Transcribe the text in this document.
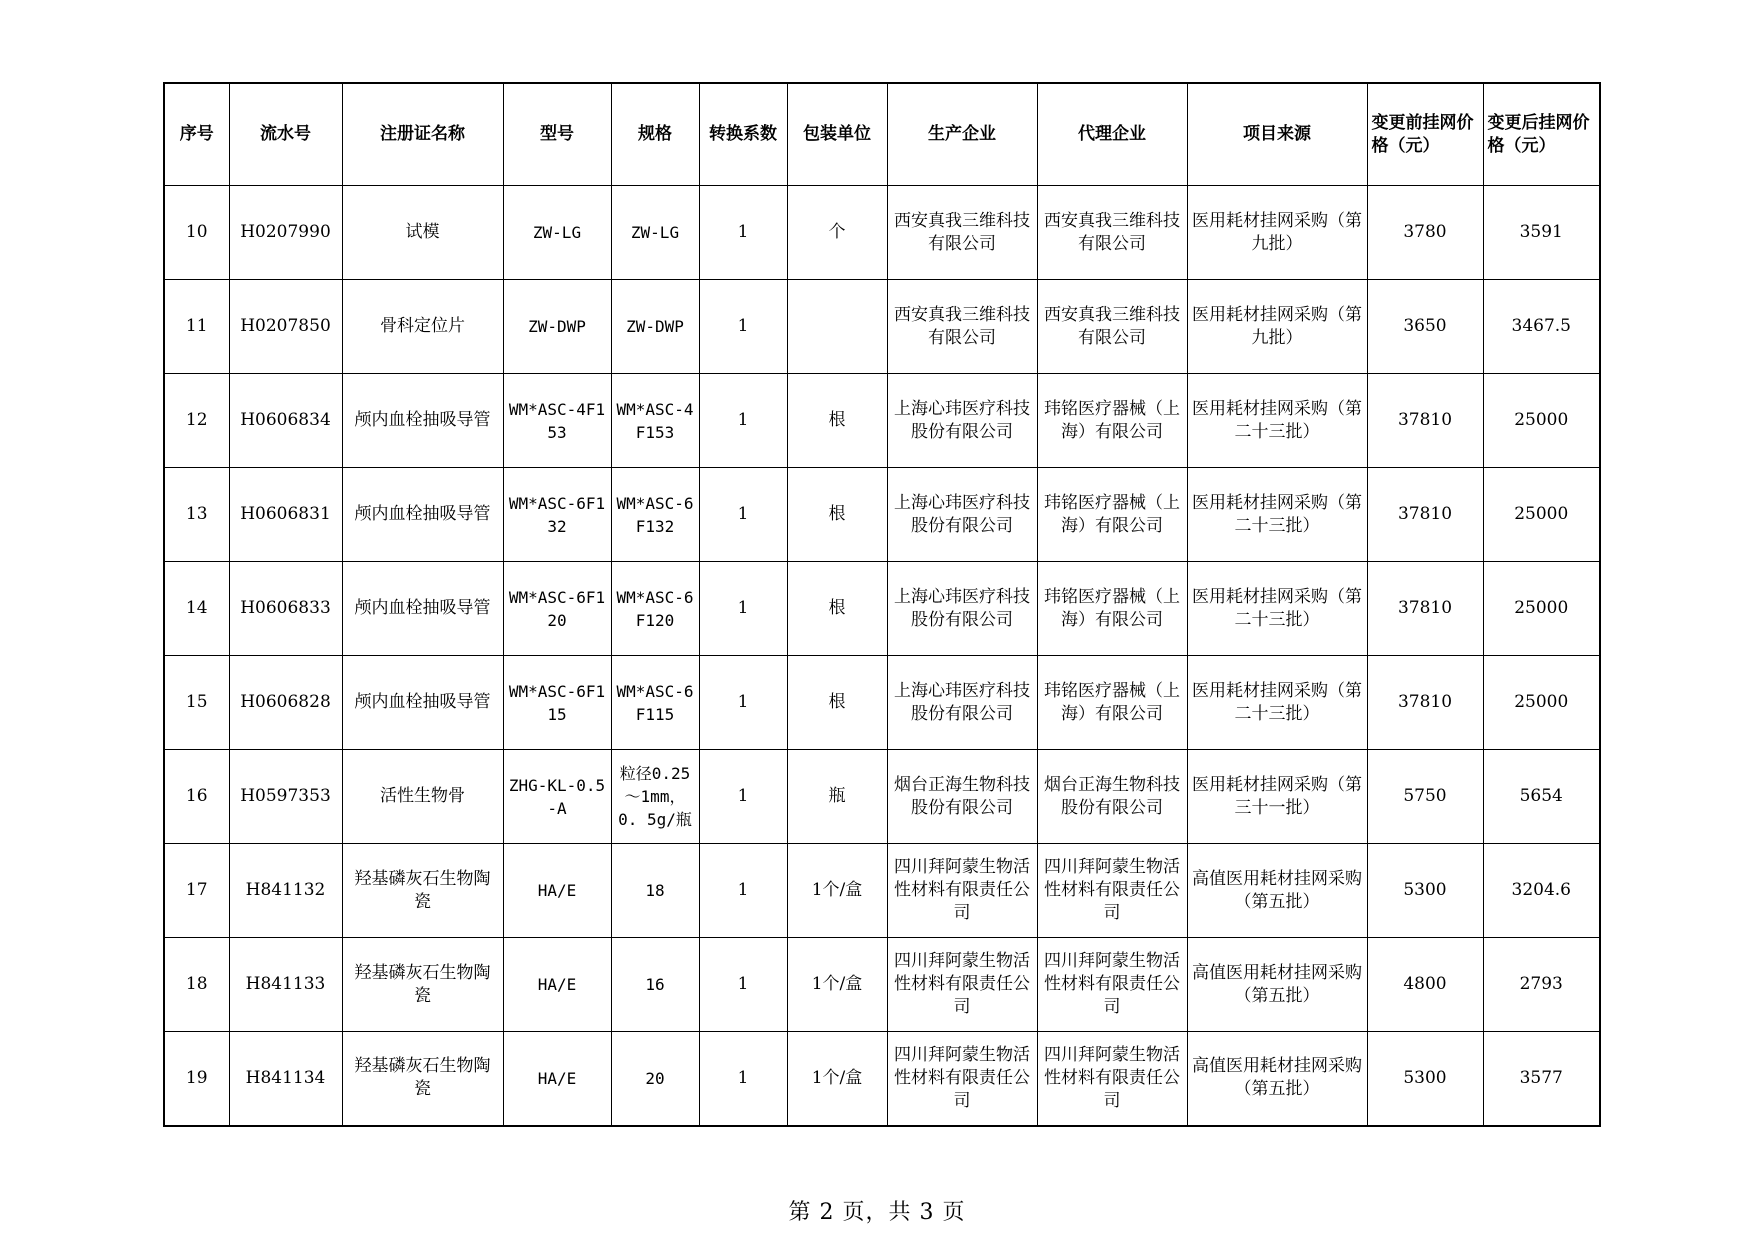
序号	流水号	注册证名称	型号	规格	转换系数	包装单位	生产企业	代理企业	项目来源	变更前挂网价格（元）	变更后挂网价格（元）
10	H0207990	试模	ZW-LG	ZW-LG	1	个	西安真我三维科技有限公司	西安真我三维科技有限公司	医用耗材挂网采购（第九批）	3780	3591
11	H0207850	骨科定位片	ZW-DWP	ZW-DWP	1		西安真我三维科技有限公司	西安真我三维科技有限公司	医用耗材挂网采购（第九批）	3650	3467.5
12	H0606834	颅内血栓抽吸导管	WM*ASC-4F153	WM*ASC-4F153	1	根	上海心玮医疗科技股份有限公司	玮铭医疗器械（上海）有限公司	医用耗材挂网采购（第二十三批）	37810	25000
13	H0606831	颅内血栓抽吸导管	WM*ASC-6F132	WM*ASC-6F132	1	根	上海心玮医疗科技股份有限公司	玮铭医疗器械（上海）有限公司	医用耗材挂网采购（第二十三批）	37810	25000
14	H0606833	颅内血栓抽吸导管	WM*ASC-6F120	WM*ASC-6F120	1	根	上海心玮医疗科技股份有限公司	玮铭医疗器械（上海）有限公司	医用耗材挂网采购（第二十三批）	37810	25000
15	H0606828	颅内血栓抽吸导管	WM*ASC-6F115	WM*ASC-6F115	1	根	上海心玮医疗科技股份有限公司	玮铭医疗器械（上海）有限公司	医用耗材挂网采购（第二十三批）	37810	25000
16	H0597353	活性生物骨	ZHG-KL-0.5-A	粒径0.25～1mm，0. 5g/瓶	1	瓶	烟台正海生物科技股份有限公司	烟台正海生物科技股份有限公司	医用耗材挂网采购（第三十一批）	5750	5654
17	H841132	羟基磷灰石生物陶瓷	HA/E	18	1	1个/盒	四川拜阿蒙生物活性材料有限责任公司	四川拜阿蒙生物活性材料有限责任公司	高值医用耗材挂网采购（第五批）	5300	3204.6
18	H841133	羟基磷灰石生物陶瓷	HA/E	16	1	1个/盒	四川拜阿蒙生物活性材料有限责任公司	四川拜阿蒙生物活性材料有限责任公司	高值医用耗材挂网采购（第五批）	4800	2793
19	H841134	羟基磷灰石生物陶瓷	HA/E	20	1	1个/盒	四川拜阿蒙生物活性材料有限责任公司	四川拜阿蒙生物活性材料有限责任公司	高值医用耗材挂网采购（第五批）	5300	3577
第 2 页，共 3 页
